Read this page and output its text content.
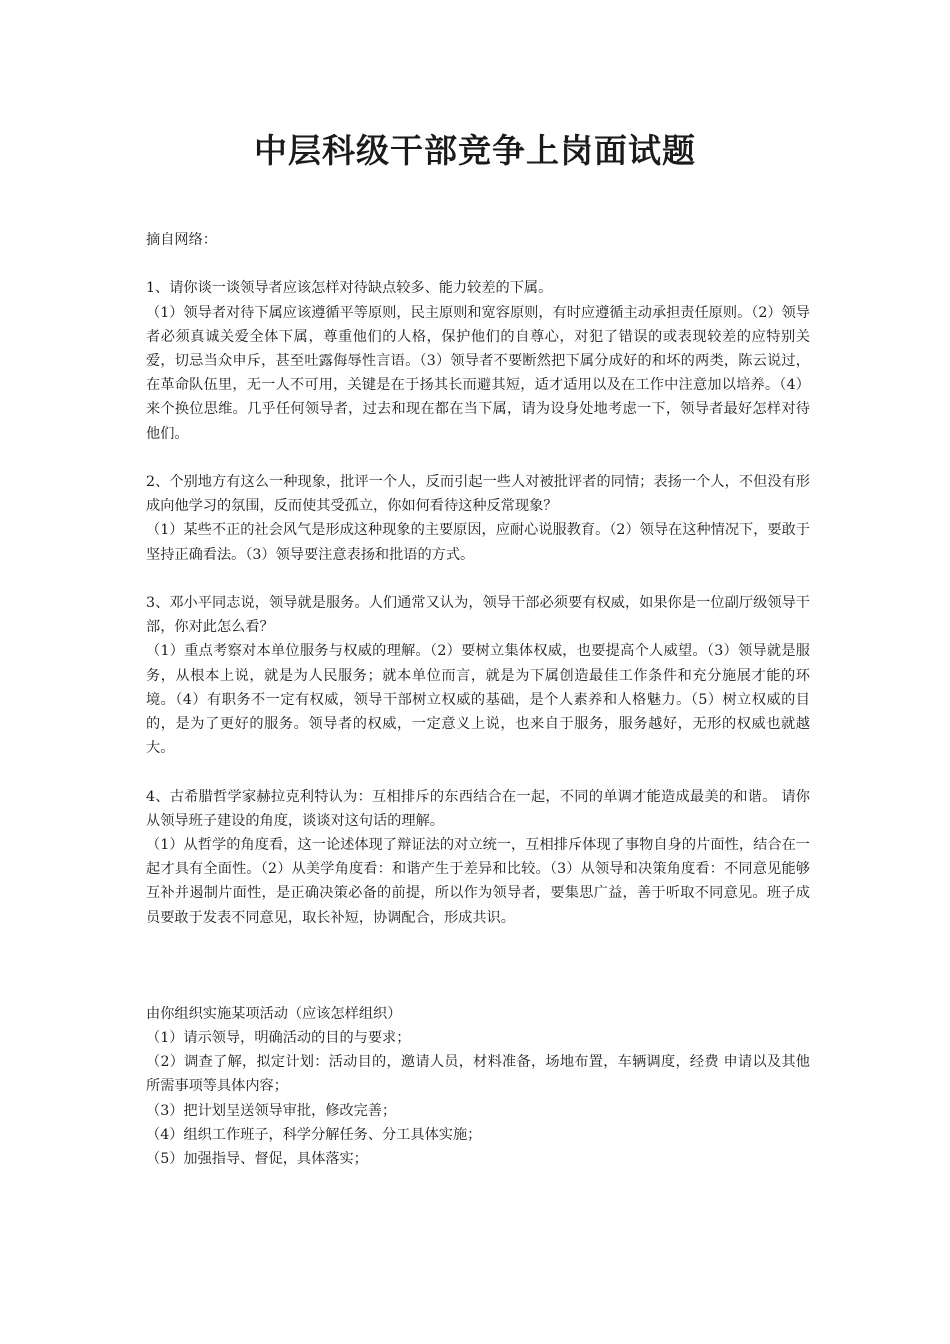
中层科级干部竞争上岗面试题

摘自网络：

1、请你谈一谈领导者应该怎样对待缺点较多、能力较差的下属。

（1）领导者对待下属应该遵循平等原则，民主原则和宽容原则，有时应遵循主动承担责任原则。（2）领导者必须真诚关爱全体下属，尊重他们的人格，保护他们的自尊心，对犯了错误的或表现较差的应特别关爱，切忌当众申斥，甚至吐露侮辱性言语。（3）领导者不要断然把下属分成好的和坏的两类，陈云说过，在革命队伍里，无一人不可用，关键是在于扬其长而避其短，适才适用以及在工作中注意加以培养。（4）来个换位思维。几乎任何领导者，过去和现在都在当下属，请为设身处地考虑一下，领导者最好怎样对待他们。

2、个别地方有这么一种现象，批评一个人，反而引起一些人对被批评者的同情；表扬一个人，不但没有形成向他学习的氛围，反而使其受孤立，你如何看待这种反常现象？

（1）某些不正的社会风气是形成这种现象的主要原因，应耐心说服教育。（2）领导在这种情况下，要敢于坚持正确看法。（3）领导要注意表扬和批语的方式。

3、邓小平同志说，领导就是服务。人们通常又认为，领导干部必须要有权威，如果你是一位副厅级领导干部，你对此怎么看？

（1）重点考察对本单位服务与权威的理解。（2）要树立集体权威，也要提高个人威望。（3）领导就是服务，从根本上说，就是为人民服务；就本单位而言，就是为下属创造最佳工作条件和充分施展才能的环境。（4）有职务不一定有权威，领导干部树立权威的基础，是个人素养和人格魅力。（5）树立权威的目的，是为了更好的服务。领导者的权威，一定意义上说，也来自于服务，服务越好，无形的权威也就越大。

4、古希腊哲学家赫拉克利特认为：互相排斥的东西结合在一起，不同的单调才能造成最美的和谐。 请你从领导班子建设的角度，谈谈对这句话的理解。

（1）从哲学的角度看，这一论述体现了辩证法的对立统一，互相排斥体现了事物自身的片面性，结合在一起才具有全面性。（2）从美学角度看：和谐产生于差异和比较。（3）从领导和决策角度看：不同意见能够互补并遏制片面性，是正确决策必备的前提，所以作为领导者，要集思广益，善于听取不同意见。班子成员要敢于发表不同意见，取长补短，协调配合，形成共识。

由你组织实施某项活动（应该怎样组织）

（1）请示领导，明确活动的目的与要求；

（2）调查了解，拟定计划：活动目的，邀请人员，材料准备，场地布置，车辆调度，经费 申请以及其他所需事项等具体内容；

（3）把计划呈送领导审批，修改完善；

（4）组织工作班子，科学分解任务、分工具体实施；

（5）加强指导、督促，具体落实；
